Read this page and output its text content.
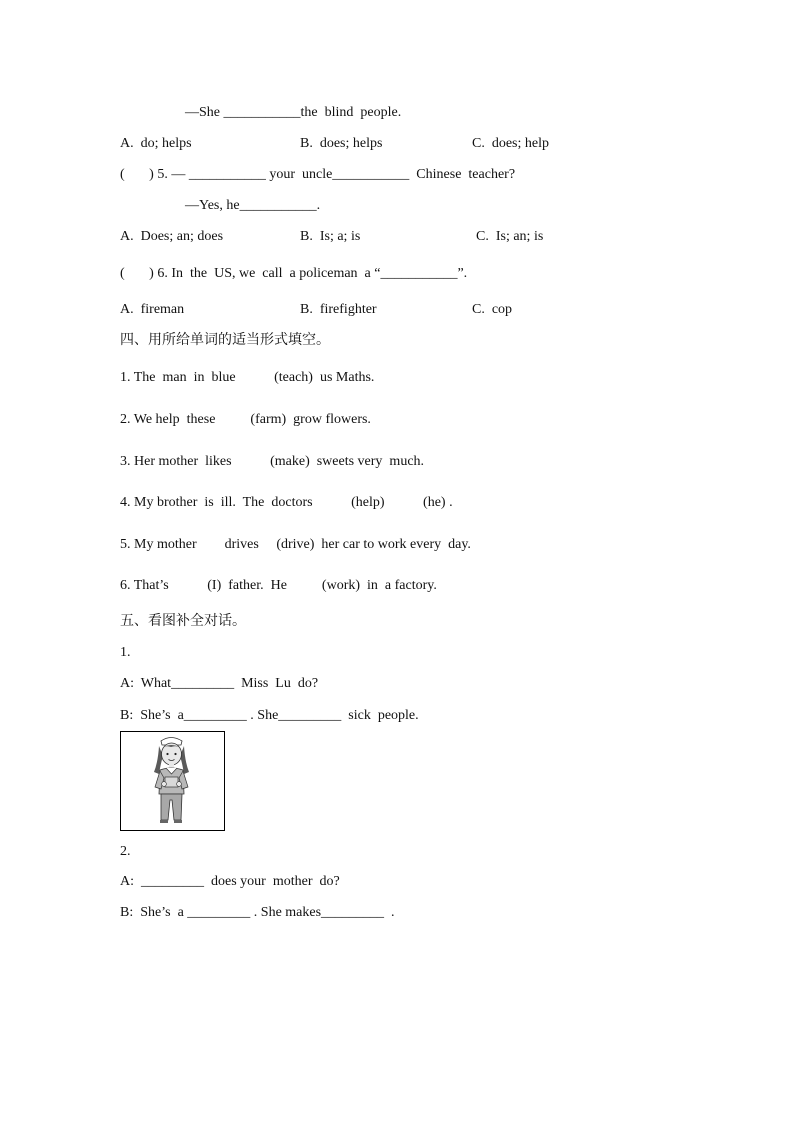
—She ___________the  blind  people.
A.  do; helps	B.  does; helps	C.  does; help
(       ) 5. — ___________ your  uncle___________  Chinese  teacher?
—Yes, he___________.
A.  Does; an; does	B.  Is; a; is	C.  Is; an; is
(       ) 6. In  the  US, we  call  a policeman  a “___________”.
A.  fireman	B.  firefighter	C.  cop
四、用所给单词的适当形式填空。
1. The  man  in  blue           (teach)  us Maths.
2. We help  these          (farm)  grow flowers.
3. Her mother  likes           (make)  sweets very  much.
4. My brother  is  ill.  The  doctors           (help)           (he) .
5. My mother        drives     (drive)  her car to work every  day.
6. That’s           (I)  father.  He          (work)  in  a factory.
五、看图补全对话。
1.
A:  What_________  Miss  Lu  do?
B:  She’s  a_________ . She_________  sick  people.
2.
A:  _________  does your  mother  do?
B:  She’s  a _________ . She makes_________  .
